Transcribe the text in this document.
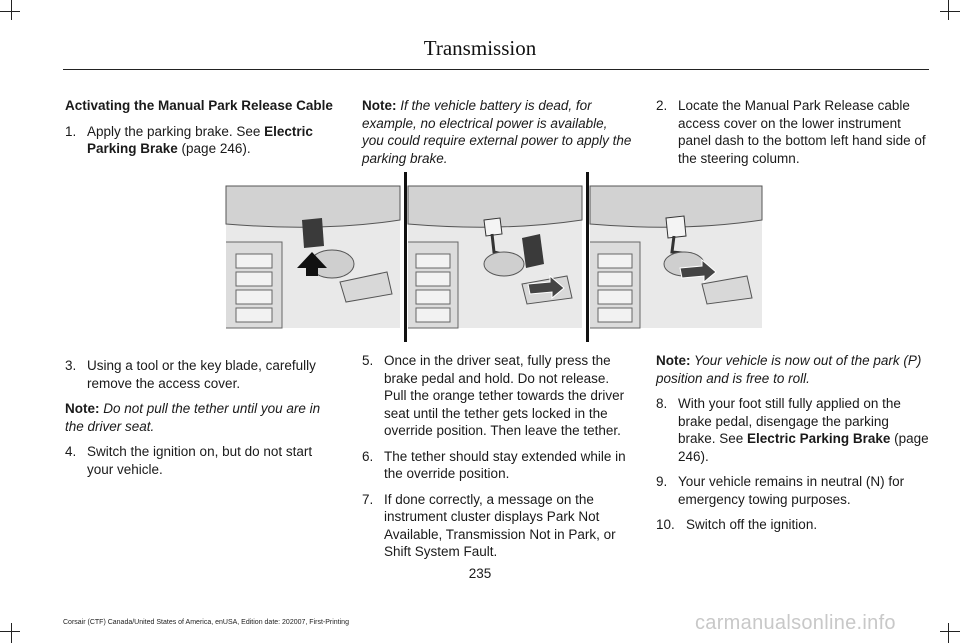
Transmission

Activating the Manual Park Release Cable

1. Apply the parking brake. See Electric Parking Brake (page 246).

Note: If the vehicle battery is dead, for example, no electrical power is available, you could require external power to apply the parking brake.

2. Locate the Manual Park Release cable access cover on the lower instrument panel dash to the bottom left hand side of the steering column.
3. Using a tool or the key blade, carefully remove the access cover.

Note: Do not pull the tether until you are in the driver seat.

4. Switch the ignition on, but do not start your vehicle.
5. Once in the driver seat, fully press the brake pedal and hold. Do not release. Pull the orange tether towards the driver seat until the tether gets locked in the override position. Then leave the tether.
6. The tether should stay extended while in the override position.
7. If done correctly, a message on the instrument cluster displays Park Not Available, Transmission Not in Park, or Shift System Fault.

Note: Your vehicle is now out of the park (P) position and is free to roll.

8. With your foot still fully applied on the brake pedal, disengage the parking brake. See Electric Parking Brake (page 246).
9. Your vehicle remains in neutral (N) for emergency towing purposes.
10. Switch off the ignition.
235
Corsair (CTF) Canada/United States of America, enUSA, Edition date: 202007, First-Printing	carmanualsonline.info
